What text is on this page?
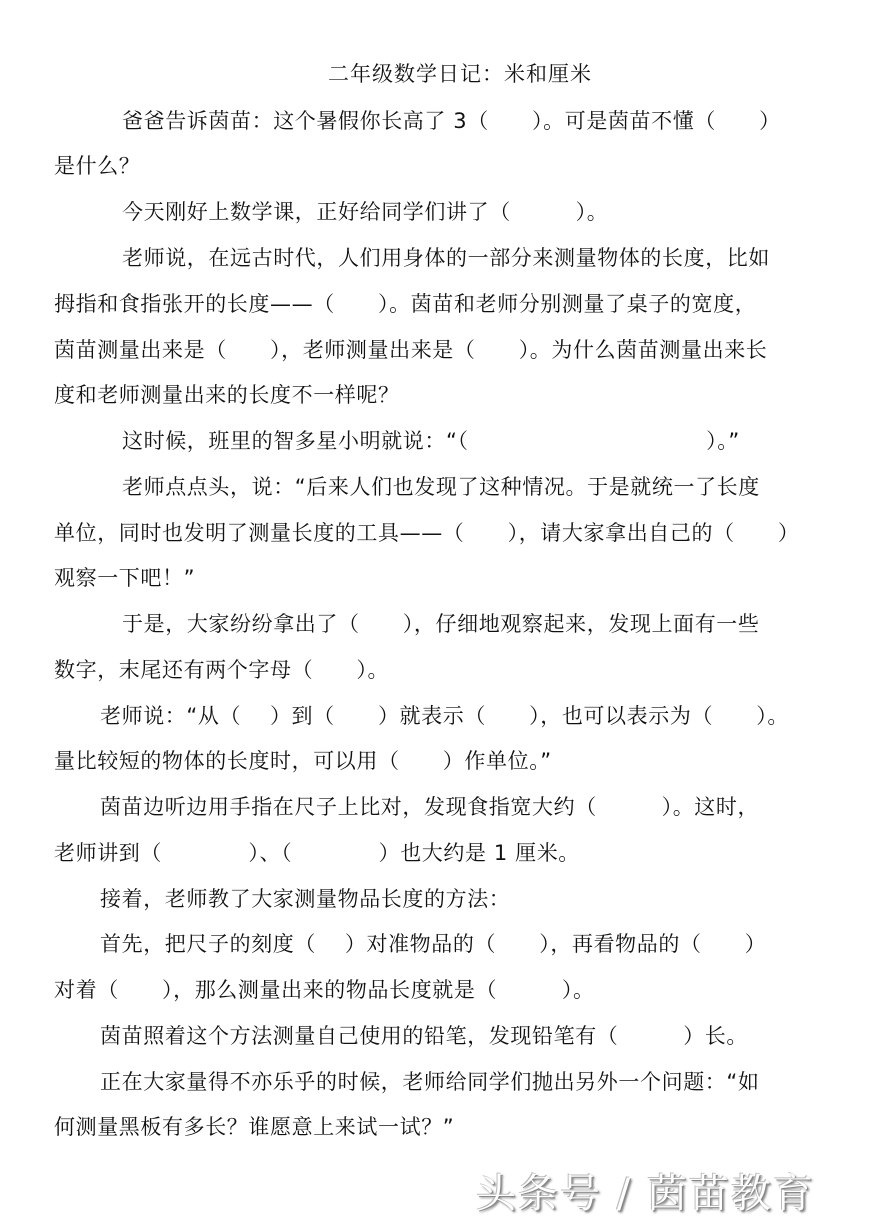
二年级数学日记：米和厘米
爸爸告诉茵苗：这个暑假你长高了 3（　　）。可是茵苗不懂（　　）
是什么？
今天刚好上数学课，正好给同学们讲了（　　　）。
老师说，在远古时代，人们用身体的一部分来测量物体的长度，比如
拇指和食指张开的长度——（　　）。茵苗和老师分别测量了桌子的宽度，
茵苗测量出来是（　　），老师测量出来是（　　）。为什么茵苗测量出来长
度和老师测量出来的长度不一样呢？
这时候，班里的智多星小明就说：“（　　　　　　　　　　　）。”
老师点点头，说：“后来人们也发现了这种情况。于是就统一了长度
单位，同时也发明了测量长度的工具——（　　），请大家拿出自己的（　　）
观察一下吧！”
于是，大家纷纷拿出了（　　），仔细地观察起来，发现上面有一些
数字，末尾还有两个字母（　　）。
老师说：“从（　 ）到（　　）就表示（　　），也可以表示为（　　）。
量比较短的物体的长度时，可以用（　　）作单位。”
茵苗边听边用手指在尺子上比对，发现食指宽大约（　　　）。这时，
老师讲到（　　　　）、（　　　　）也大约是 1 厘米。
接着，老师教了大家测量物品长度的方法：
首先，把尺子的刻度（　 ）对准物品的（　　），再看物品的（　　）
对着（　　），那么测量出来的物品长度就是（　　　）。
茵苗照着这个方法测量自己使用的铅笔，发现铅笔有（　　　）长。
正在大家量得不亦乐乎的时候，老师给同学们抛出另外一个问题：“如
何测量黑板有多长？谁愿意上来试一试？”
头条号 / 茵苗教育
